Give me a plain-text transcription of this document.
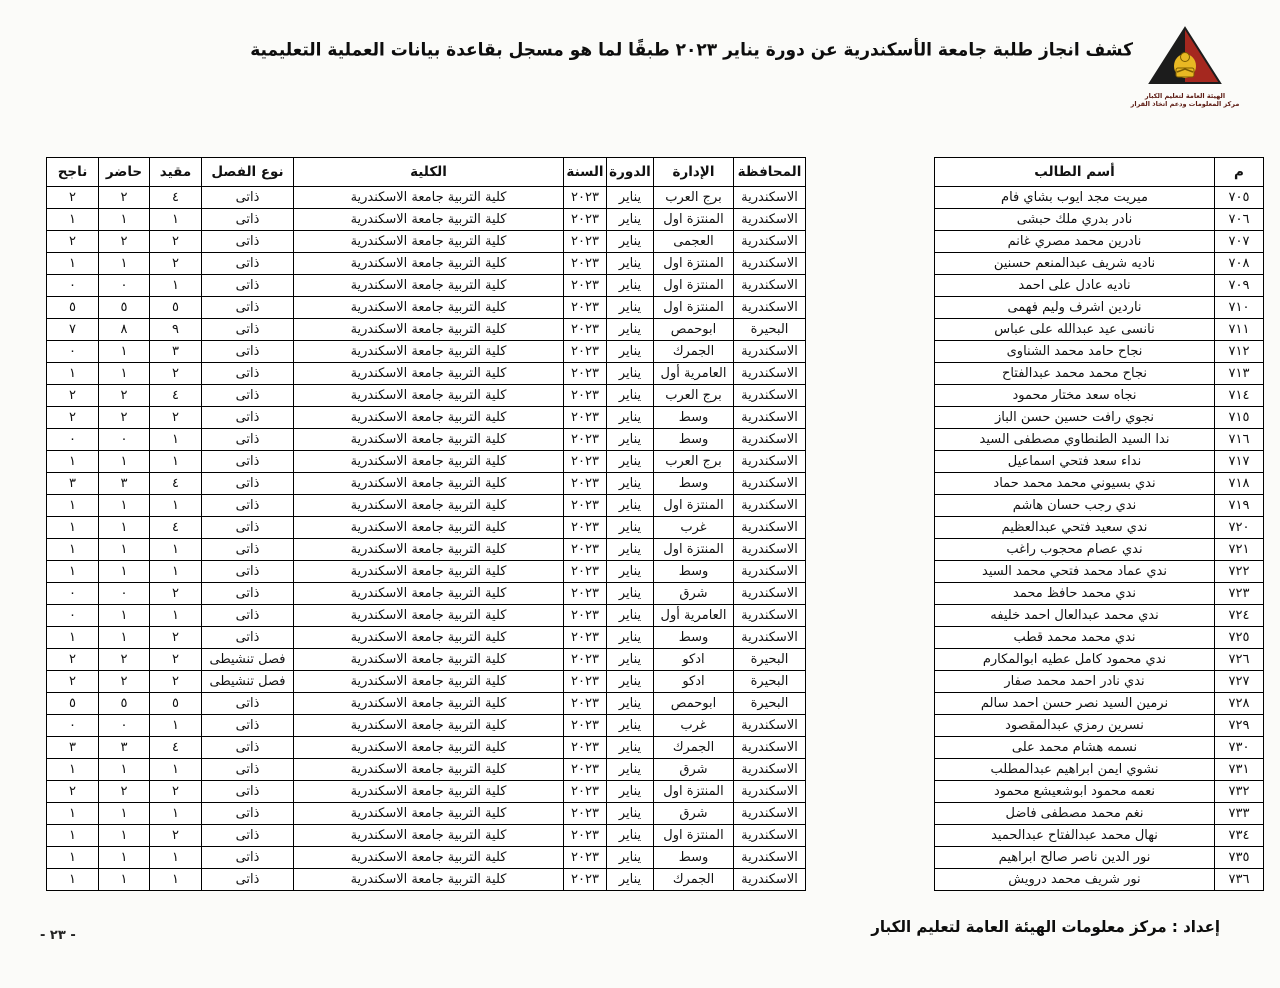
كشف انجاز طلبة جامعة الأسكندرية عن دورة يناير ٢٠٢٣ طبقًا لما هو مسجل بقاعدة بيانات العملية التعليمية
الهيئة العامة لتعليم الكبار
مركز المعلومات ودعم اتخاذ القرار
م	أسم الطالب
٧٠٥	ميريت مجد ايوب بشاي فام
٧٠٦	نادر بدري ملك حبشى
٧٠٧	نادرين محمد مصري غانم
٧٠٨	ناديه شريف عبدالمنعم حسنين
٧٠٩	ناديه عادل على احمد
٧١٠	ناردين اشرف وليم فهمى
٧١١	نانسى عيد عبدالله على عباس
٧١٢	نجاح حامد محمد الشناوى
٧١٣	نجاح محمد محمد عبدالفتاح
٧١٤	نجاه سعد مختار محمود
٧١٥	نجوي رافت حسين حسن الباز
٧١٦	ندا السيد الطنطاوي مصطفى السيد
٧١٧	نداء سعد فتحي اسماعيل
٧١٨	ندي بسيوني محمد محمد حماد
٧١٩	ندي رجب حسان هاشم
٧٢٠	ندي سعيد فتحي عبدالعظيم
٧٢١	ندي عصام محجوب راغب
٧٢٢	ندي عماد محمد فتحي محمد السيد
٧٢٣	ندي محمد حافظ محمد
٧٢٤	ندي محمد عبدالعال احمد خليفه
٧٢٥	ندي محمد محمد قطب
٧٢٦	ندي محمود كامل عطيه ابوالمكارم
٧٢٧	ندي نادر احمد محمد صفار
٧٢٨	نرمين السيد نصر حسن احمد سالم
٧٢٩	نسرين رمزي عبدالمقصود
٧٣٠	نسمه هشام محمد على
٧٣١	نشوي ايمن ابراهيم عبدالمطلب
٧٣٢	نعمه محمود ابوشعيشع محمود
٧٣٣	نغم محمد مصطفى فاضل
٧٣٤	نهال محمد عبدالفتاح عبدالحميد
٧٣٥	نور الدين ناصر صالح ابراهيم
٧٣٦	نور شريف محمد درويش
المحافظة	الإدارة	الدورة	السنة	الكلية	نوع الفصل	مقيد	حاضر	ناجح
الاسكندرية	برج العرب	يناير	٢٠٢٣	كلية التربية جامعة الاسكندرية	ذاتى	٤	٢	٢
الاسكندرية	المنتزة اول	يناير	٢٠٢٣	كلية التربية جامعة الاسكندرية	ذاتى	١	١	١
الاسكندرية	العجمى	يناير	٢٠٢٣	كلية التربية جامعة الاسكندرية	ذاتى	٢	٢	٢
الاسكندرية	المنتزة اول	يناير	٢٠٢٣	كلية التربية جامعة الاسكندرية	ذاتى	٢	١	١
الاسكندرية	المنتزة اول	يناير	٢٠٢٣	كلية التربية جامعة الاسكندرية	ذاتى	١	٠	٠
الاسكندرية	المنتزة اول	يناير	٢٠٢٣	كلية التربية جامعة الاسكندرية	ذاتى	٥	٥	٥
البحيرة	ابوحمص	يناير	٢٠٢٣	كلية التربية جامعة الاسكندرية	ذاتى	٩	٨	٧
الاسكندرية	الجمرك	يناير	٢٠٢٣	كلية التربية جامعة الاسكندرية	ذاتى	٣	١	٠
الاسكندرية	العامرية أول	يناير	٢٠٢٣	كلية التربية جامعة الاسكندرية	ذاتى	٢	١	١
الاسكندرية	برج العرب	يناير	٢٠٢٣	كلية التربية جامعة الاسكندرية	ذاتى	٤	٢	٢
الاسكندرية	وسط	يناير	٢٠٢٣	كلية التربية جامعة الاسكندرية	ذاتى	٢	٢	٢
الاسكندرية	وسط	يناير	٢٠٢٣	كلية التربية جامعة الاسكندرية	ذاتى	١	٠	٠
الاسكندرية	برج العرب	يناير	٢٠٢٣	كلية التربية جامعة الاسكندرية	ذاتى	١	١	١
الاسكندرية	وسط	يناير	٢٠٢٣	كلية التربية جامعة الاسكندرية	ذاتى	٤	٣	٣
الاسكندرية	المنتزة اول	يناير	٢٠٢٣	كلية التربية جامعة الاسكندرية	ذاتى	١	١	١
الاسكندرية	غرب	يناير	٢٠٢٣	كلية التربية جامعة الاسكندرية	ذاتى	٤	١	١
الاسكندرية	المنتزة اول	يناير	٢٠٢٣	كلية التربية جامعة الاسكندرية	ذاتى	١	١	١
الاسكندرية	وسط	يناير	٢٠٢٣	كلية التربية جامعة الاسكندرية	ذاتى	١	١	١
الاسكندرية	شرق	يناير	٢٠٢٣	كلية التربية جامعة الاسكندرية	ذاتى	٢	٠	٠
الاسكندرية	العامرية أول	يناير	٢٠٢٣	كلية التربية جامعة الاسكندرية	ذاتى	١	١	٠
الاسكندرية	وسط	يناير	٢٠٢٣	كلية التربية جامعة الاسكندرية	ذاتى	٢	١	١
البحيرة	ادكو	يناير	٢٠٢٣	كلية التربية جامعة الاسكندرية	فصل تنشيطى	٢	٢	٢
البحيرة	ادكو	يناير	٢٠٢٣	كلية التربية جامعة الاسكندرية	فصل تنشيطى	٢	٢	٢
البحيرة	ابوحمص	يناير	٢٠٢٣	كلية التربية جامعة الاسكندرية	ذاتى	٥	٥	٥
الاسكندرية	غرب	يناير	٢٠٢٣	كلية التربية جامعة الاسكندرية	ذاتى	١	٠	٠
الاسكندرية	الجمرك	يناير	٢٠٢٣	كلية التربية جامعة الاسكندرية	ذاتى	٤	٣	٣
الاسكندرية	شرق	يناير	٢٠٢٣	كلية التربية جامعة الاسكندرية	ذاتى	١	١	١
الاسكندرية	المنتزة اول	يناير	٢٠٢٣	كلية التربية جامعة الاسكندرية	ذاتى	٢	٢	٢
الاسكندرية	شرق	يناير	٢٠٢٣	كلية التربية جامعة الاسكندرية	ذاتى	١	١	١
الاسكندرية	المنتزة اول	يناير	٢٠٢٣	كلية التربية جامعة الاسكندرية	ذاتى	٢	١	١
الاسكندرية	وسط	يناير	٢٠٢٣	كلية التربية جامعة الاسكندرية	ذاتى	١	١	١
الاسكندرية	الجمرك	يناير	٢٠٢٣	كلية التربية جامعة الاسكندرية	ذاتى	١	١	١
إعداد : مركز معلومات الهيئة العامة لتعليم الكبار
- ٢٣ -
